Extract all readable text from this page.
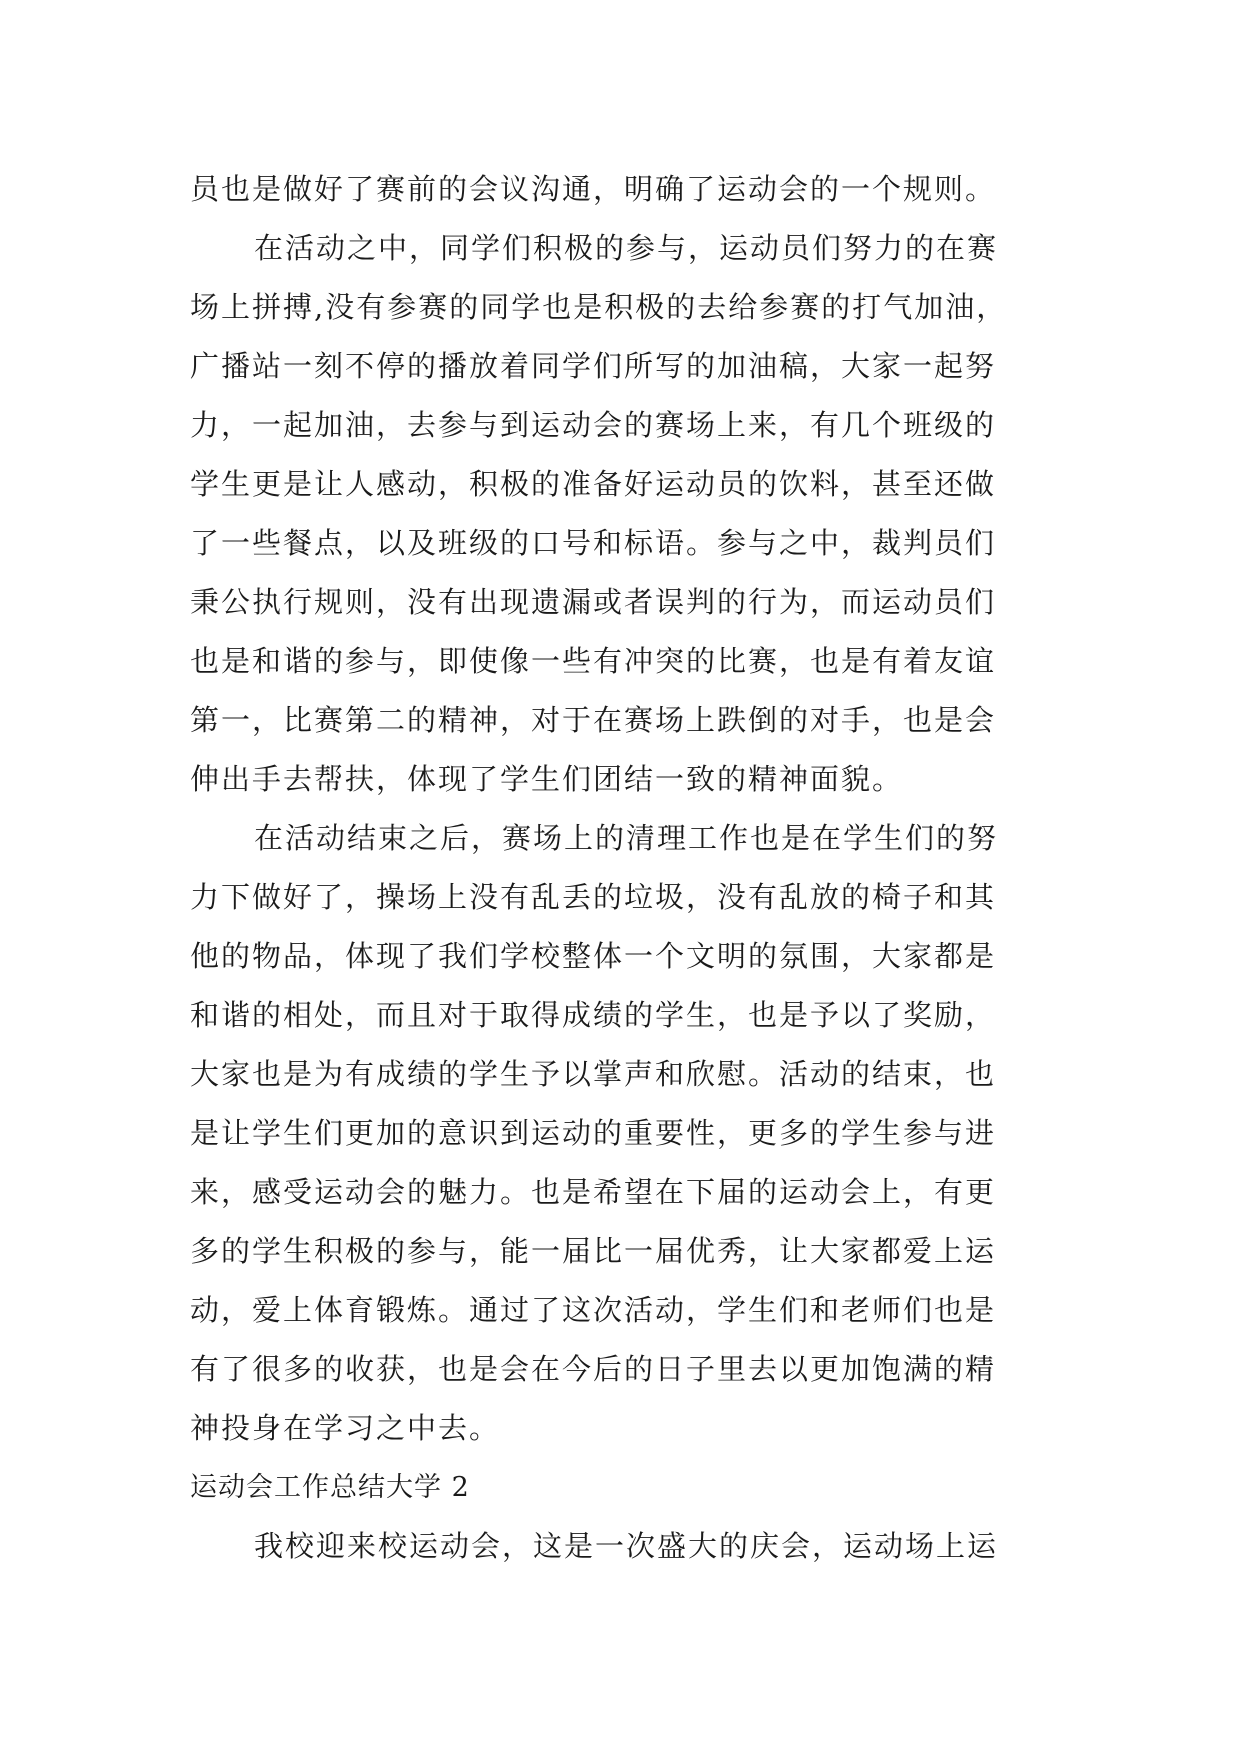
员也是做好了赛前的会议沟通，明确了运动会的一个规则。
在活动之中，同学们积极的参与，运动员们努力的在赛
场上拼搏,没有参赛的同学也是积极的去给参赛的打气加油，
广播站一刻不停的播放着同学们所写的加油稿，大家一起努
力，一起加油，去参与到运动会的赛场上来，有几个班级的
学生更是让人感动，积极的准备好运动员的饮料，甚至还做
了一些餐点，以及班级的口号和标语。参与之中，裁判员们
秉公执行规则，没有出现遗漏或者误判的行为，而运动员们
也是和谐的参与，即使像一些有冲突的比赛，也是有着友谊
第一，比赛第二的精神，对于在赛场上跌倒的对手，也是会
伸出手去帮扶，体现了学生们团结一致的精神面貌。
在活动结束之后，赛场上的清理工作也是在学生们的努
力下做好了，操场上没有乱丢的垃圾，没有乱放的椅子和其
他的物品，体现了我们学校整体一个文明的氛围，大家都是
和谐的相处，而且对于取得成绩的学生，也是予以了奖励，
大家也是为有成绩的学生予以掌声和欣慰。活动的结束，也
是让学生们更加的意识到运动的重要性，更多的学生参与进
来，感受运动会的魅力。也是希望在下届的运动会上，有更
多的学生积极的参与，能一届比一届优秀，让大家都爱上运
动，爱上体育锻炼。通过了这次活动，学生们和老师们也是
有了很多的收获，也是会在今后的日子里去以更加饱满的精
神投身在学习之中去。
运动会工作总结大学 2
我校迎来校运动会，这是一次盛大的庆会，运动场上运
